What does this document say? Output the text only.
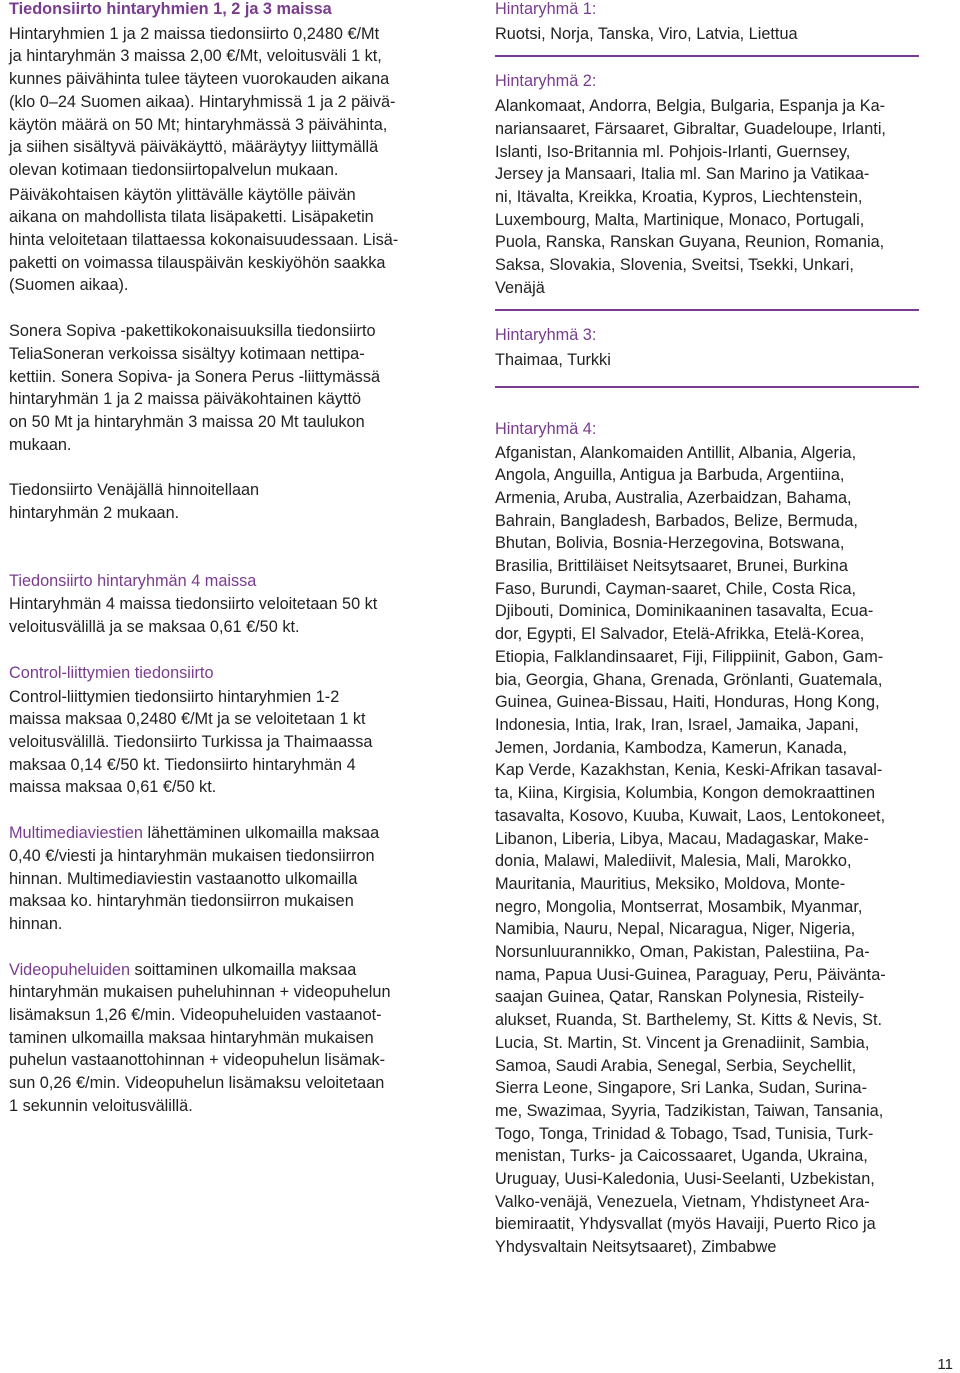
Tiedonsiirto hintaryhmien 1, 2 ja 3 maissa

Hintaryhmien 1 ja 2 maissa tiedonsiirto 0,2480 €/Mt
ja hintaryhmän 3 maissa 2,00 €/Mt, veloitusväli 1 kt,
kunnes päivähinta tulee täyteen vuorokauden aikana
(klo 0–24 Suomen aikaa). Hintaryhmissä 1 ja 2 päivä-
käytön määrä on 50 Mt; hintaryhmässä 3 päivähinta,
ja siihen sisältyvä päiväkäyttö, määräytyy liittymällä
olevan kotimaan tiedonsiirtopalvelun mukaan.

Päiväkohtaisen käytön ylittävälle käytölle päivän
aikana on mahdollista tilata lisäpaketti. Lisäpaketin
hinta veloitetaan tilattaessa kokonaisuudessaan. Lisä-
paketti on voimassa tilauspäivän keskiyöhön saakka
(Suomen aikaa).

Sonera Sopiva -pakettikokonaisuuksilla tiedonsiirto
TeliaSoneran verkoissa sisältyy kotimaan nettipa-
kettiin. Sonera Sopiva- ja Sonera Perus -liittymässä
hintaryhmän 1 ja 2 maissa päiväkohtainen käyttö
on 50 Mt ja hintaryhmän 3 maissa 20 Mt taulukon
mukaan.

Tiedonsiirto Venäjällä hinnoitellaan
hintaryhmän 2 mukaan.

Tiedonsiirto hintaryhmän 4 maissa

Hintaryhmän 4 maissa tiedonsiirto veloitetaan 50 kt
veloitusvälillä ja se maksaa 0,61 €/50 kt.

Control-liittymien tiedonsiirto

Control-liittymien tiedonsiirto hintaryhmien 1-2
maissa maksaa 0,2480 €/Mt ja se veloitetaan 1 kt
veloitusvälillä. Tiedonsiirto Turkissa ja Thaimaassa
maksaa 0,14 €/50 kt. Tiedonsiirto hintaryhmän 4
maissa maksaa 0,61 €/50 kt.

Multimediaviestien lähettäminen ulkomailla maksaa
0,40 €/viesti ja hintaryhmän mukaisen tiedonsiirron
hinnan. Multimediaviestin vastaanotto ulkomailla
maksaa ko. hintaryhmän tiedonsiirron mukaisen
hinnan.

Videopuheluiden soittaminen ulkomailla maksaa
hintaryhmän mukaisen puheluhinnan + videopuhelun
lisämaksun 1,26 €/min. Videopuheluiden vastaanot-
taminen ulkomailla maksaa hintaryhmän mukaisen
puhelun vastaanottohinnan + videopuhelun lisämak-
sun 0,26 €/min. Videopuhelun lisämaksu veloitetaan
1 sekunnin veloitusvälillä.

Hintaryhmä 1:

Ruotsi, Norja, Tanska, Viro, Latvia, Liettua

Hintaryhmä 2:

Alankomaat, Andorra, Belgia, Bulgaria, Espanja ja Ka-
nariansaaret, Färsaaret, Gibraltar, Guadeloupe, Irlanti,
Islanti, Iso-Britannia ml. Pohjois-Irlanti, Guernsey,
Jersey ja Mansaari, Italia ml. San Marino ja Vatikaa-
ni, Itävalta, Kreikka, Kroatia, Kypros, Liechtenstein,
Luxembourg, Malta, Martinique, Monaco, Portugali,
Puola, Ranska, Ranskan Guyana, Reunion, Romania,
Saksa, Slovakia, Slovenia, Sveitsi, Tsekki, Unkari,
Venäjä

Hintaryhmä 3:

Thaimaa, Turkki

Hintaryhmä 4:

Afganistan, Alankomaiden Antillit, Albania, Algeria,
Angola, Anguilla, Antigua ja Barbuda, Argentiina,
Armenia, Aruba, Australia, Azerbaidzan, Bahama,
Bahrain, Bangladesh, Barbados, Belize, Bermuda,
Bhutan, Bolivia, Bosnia-Herzegovina, Botswana,
Brasilia, Brittiläiset Neitsytsaaret, Brunei, Burkina
Faso, Burundi, Cayman-saaret, Chile, Costa Rica,
Djibouti, Dominica, Dominikaaninen tasavalta, Ecua-
dor, Egypti, El Salvador, Etelä-Afrikka, Etelä-Korea,
Etiopia, Falklandinsaaret, Fiji, Filippiinit, Gabon, Gam-
bia, Georgia, Ghana, Grenada, Grönlanti, Guatemala,
Guinea, Guinea-Bissau, Haiti, Honduras, Hong Kong,
Indonesia, Intia, Irak, Iran, Israel, Jamaika, Japani,
Jemen, Jordania, Kambodza, Kamerun, Kanada,
Kap Verde, Kazakhstan, Kenia, Keski-Afrikan tasaval-
ta, Kiina, Kirgisia, Kolumbia, Kongon demokraattinen
tasavalta, Kosovo, Kuuba, Kuwait, Laos, Lentokoneet,
Libanon, Liberia, Libya, Macau, Madagaskar, Make-
donia, Malawi, Malediivit, Malesia, Mali, Marokko,
Mauritania, Mauritius, Meksiko, Moldova, Monte-
negro, Mongolia, Montserrat, Mosambik, Myanmar,
Namibia, Nauru, Nepal, Nicaragua, Niger, Nigeria,
Norsunluurannikko, Oman, Pakistan, Palestiina, Pa-
nama, Papua Uusi-Guinea, Paraguay, Peru, Päiväntа-
saajan Guinea, Qatar, Ranskan Polynesia, Risteily-
alukset, Ruanda, St. Barthelemy, St. Kitts & Nevis, St.
Lucia, St. Martin, St. Vincent ja Grenadiinit, Sambia,
Samoa, Saudi Arabia, Senegal, Serbia, Seychellit,
Sierra Leone, Singapore, Sri Lanka, Sudan, Surina-
me, Swazimaa, Syyria, Tadzikistan, Taiwan, Tansania,
Togo, Tonga, Trinidad & Tobago, Tsad, Tunisia, Turk-
menistan, Turks- ja Caicossaaret, Uganda, Ukraina,
Uruguay, Uusi-Kaledonia, Uusi-Seelanti, Uzbekistan,
Valko-venäjä, Venezuela, Vietnam, Yhdistyneet Ara-
biemiraatit, Yhdysvallat (myös Havaiji, Puerto Rico ja
Yhdysvaltain Neitsytsaaret), Zimbabwe

11
